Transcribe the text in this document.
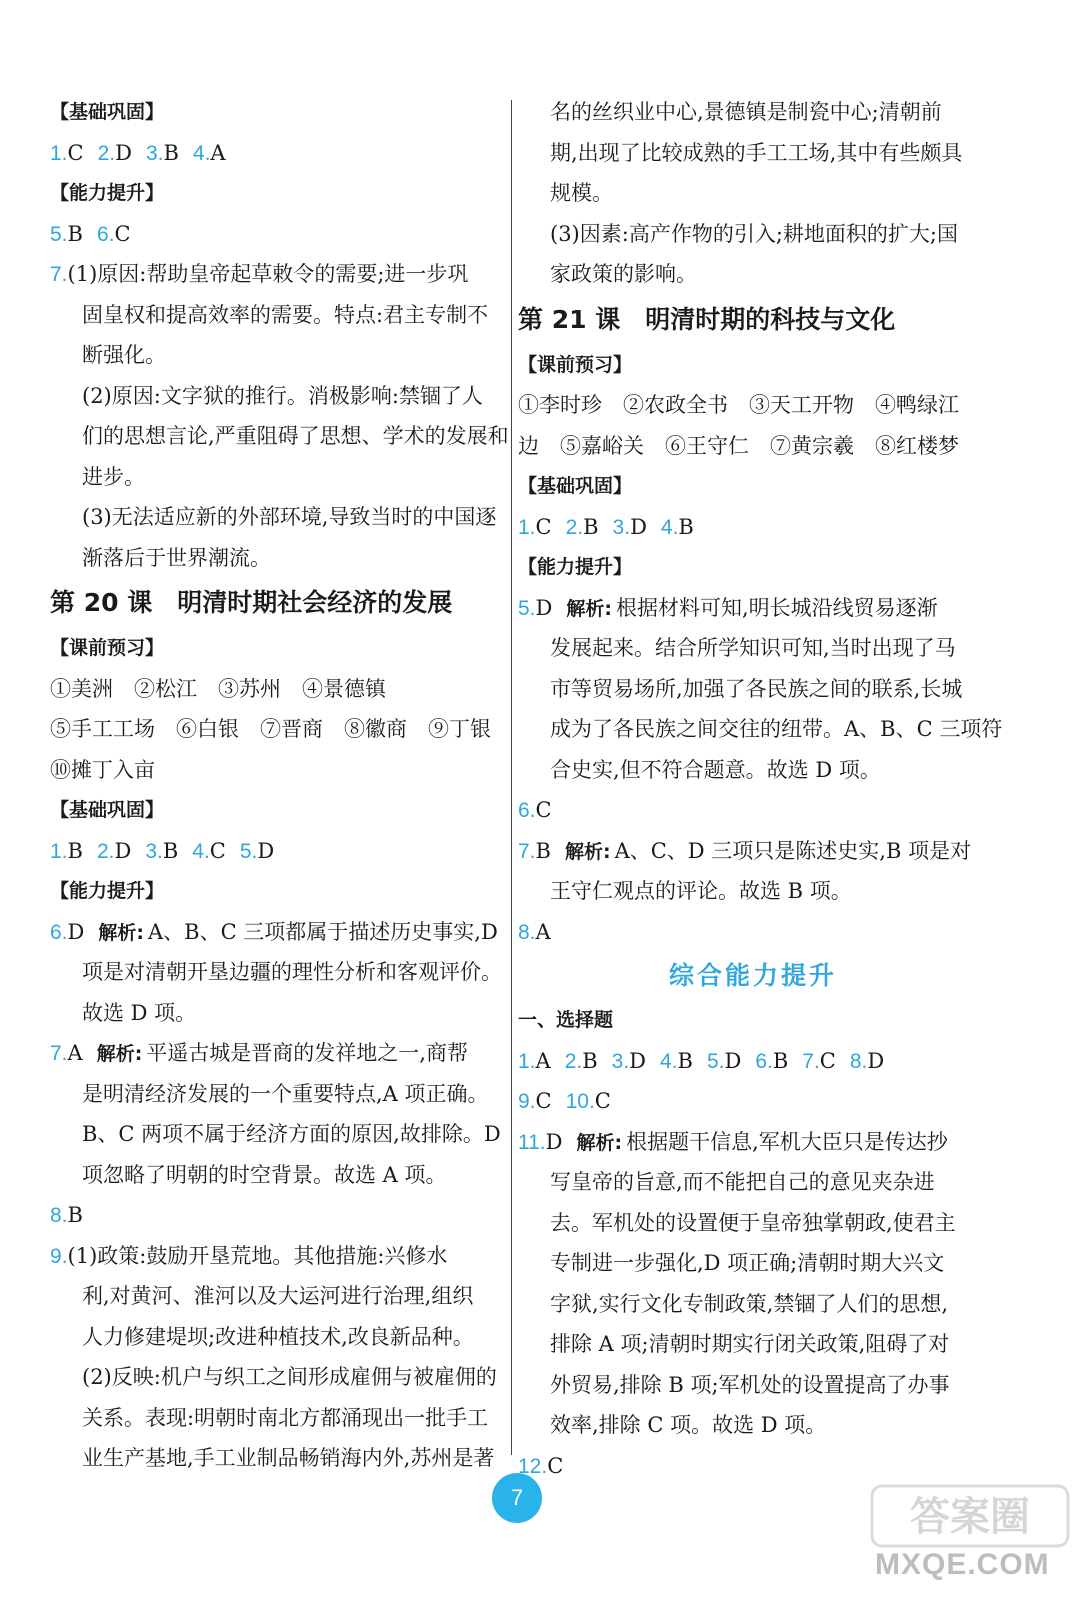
【基础巩固】
1.C 2.D 3.B 4.A
【能力提升】
5.B 6.C
7.(1)原因:帮助皇帝起草敕令的需要;进一步巩
固皇权和提高效率的需要。特点:君主专制不
断强化。
(2)原因:文字狱的推行。消极影响:禁锢了人
们的思想言论,严重阻碍了思想、学术的发展和
进步。
(3)无法适应新的外部环境,导致当时的中国逐
渐落后于世界潮流。
第 20 课　明清时期社会经济的发展
【课前预习】
①美洲　②松江　③苏州　④景德镇
⑤手工工场　⑥白银　⑦晋商　⑧徽商　⑨丁银
⑩摊丁入亩
【基础巩固】
1.B 2.D 3.B 4.C 5.D
【能力提升】
6.D 解析: A、B、C 三项都属于描述历史事实,D
项是对清朝开垦边疆的理性分析和客观评价。
故选 D 项。
7.A 解析: 平遥古城是晋商的发祥地之一,商帮
是明清经济发展的一个重要特点,A 项正确。
B、C 两项不属于经济方面的原因,故排除。D
项忽略了明朝的时空背景。故选 A 项。
8.B
9.(1)政策:鼓励开垦荒地。其他措施:兴修水
利,对黄河、淮河以及大运河进行治理,组织
人力修建堤坝;改进种植技术,改良新品种。
(2)反映:机户与织工之间形成雇佣与被雇佣的
关系。表现:明朝时南北方都涌现出一批手工
业生产基地,手工业制品畅销海内外,苏州是著
名的丝织业中心,景德镇是制瓷中心;清朝前
期,出现了比较成熟的手工工场,其中有些颇具
规模。
(3)因素:高产作物的引入;耕地面积的扩大;国
家政策的影响。
第 21 课　明清时期的科技与文化
【课前预习】
①李时珍　②农政全书　③天工开物　④鸭绿江
边　⑤嘉峪关　⑥王守仁　⑦黄宗羲　⑧红楼梦
【基础巩固】
1.C 2.B 3.D 4.B
【能力提升】
5.D 解析: 根据材料可知,明长城沿线贸易逐渐
发展起来。结合所学知识可知,当时出现了马
市等贸易场所,加强了各民族之间的联系,长城
成为了各民族之间交往的纽带。A、B、C 三项符
合史实,但不符合题意。故选 D 项。
6.C
7.B 解析: A、C、D 三项只是陈述史实,B 项是对
王守仁观点的评论。故选 B 项。
8.A
综合能力提升
一、选择题
1.A 2.B 3.D 4.B 5.D 6.B 7.C 8.D
9.C 10.C
11.D 解析: 根据题干信息,军机大臣只是传达抄
写皇帝的旨意,而不能把自己的意见夹杂进
去。军机处的设置便于皇帝独掌朝政,使君主
专制进一步强化,D 项正确;清朝时期大兴文
字狱,实行文化专制政策,禁锢了人们的思想,
排除 A 项;清朝时期实行闭关政策,阻碍了对
外贸易,排除 B 项;军机处的设置提高了办事
效率,排除 C 项。故选 D 项。
12.C
7	答案圈
MXQE.COM
